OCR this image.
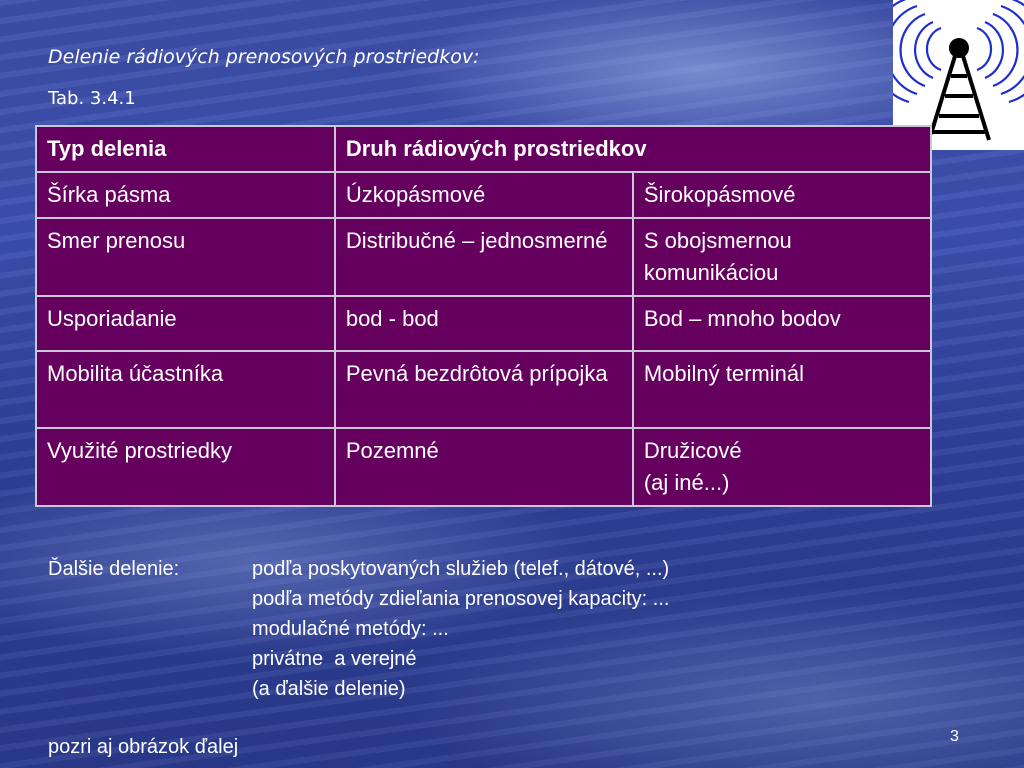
Delenie rádiových prenosových prostriedkov:
Tab. 3.4.1
Typ delenia	Druh rádiových prostriedkov	
Šírka pásma	Úzkopásmové	Širokopásmové
Smer prenosu	Distribučné – jednosmerné	S obojsmernou komunikáciou
Usporiadanie	bod - bod	Bod – mnoho bodov
Mobilita účastníka	Pevná bezdrôtová prípojka	Mobilný terminál
Využité prostriedky	Pozemné	Družicové
(aj iné...)
Ďalšie delenie:	podľa poskytovaných služieb (telef., dátové, ...)
podľa metódy zdieľania prenosovej kapacity: ...
modulačné metódy: ...
privátne  a verejné
(a ďalšie delenie)
pozri aj obrázok ďalej	3
